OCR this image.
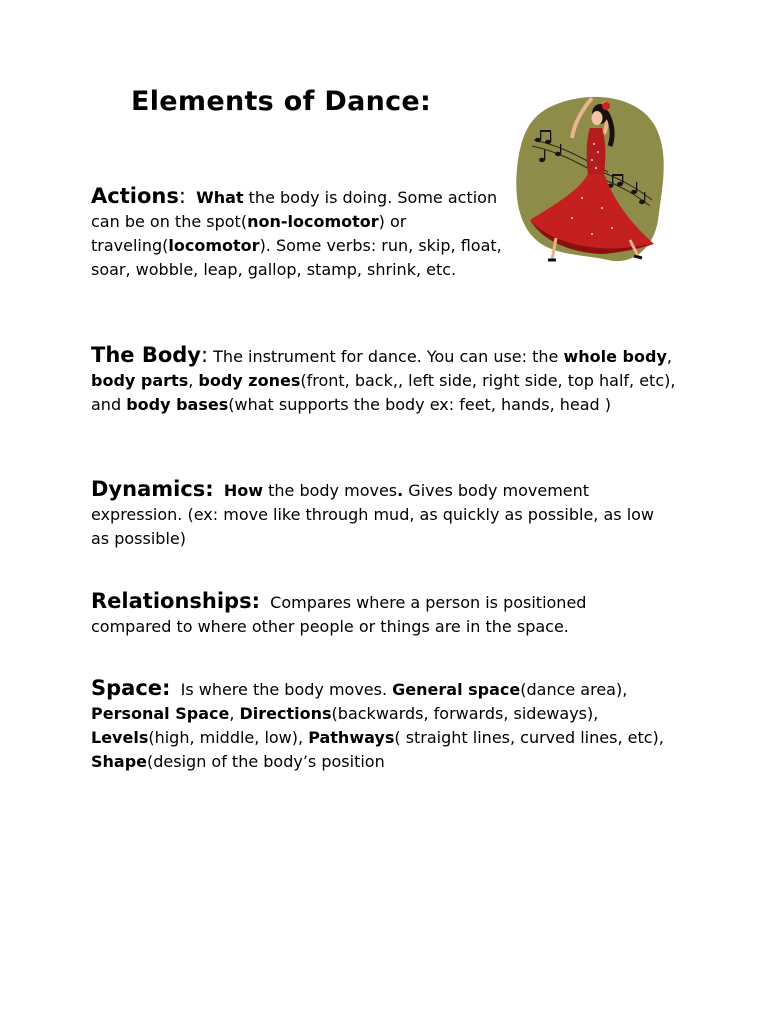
Elements of Dance:

Actions: What the body is doing. Some action can be on the spot(non-locomotor) or traveling(locomotor). Some verbs: run, skip, float, soar, wobble, leap, gallop, stamp, shrink, etc.

The Body: The instrument for dance. You can use: the whole body, body parts, body zones(front, back,, left side, right side, top half, etc), and body bases(what supports the body ex: feet, hands, head )

Dynamics: How the body moves. Gives body movement expression. (ex: move like through mud, as quickly as possible, as low as possible)

Relationships: Compares where a person is positioned compared to where other people or things are in the space.

Space: Is where the body moves. General space(dance area), Personal Space, Directions(backwards, forwards, sideways), Levels(high, middle, low), Pathways( straight lines, curved lines, etc), Shape(design of the body’s position
